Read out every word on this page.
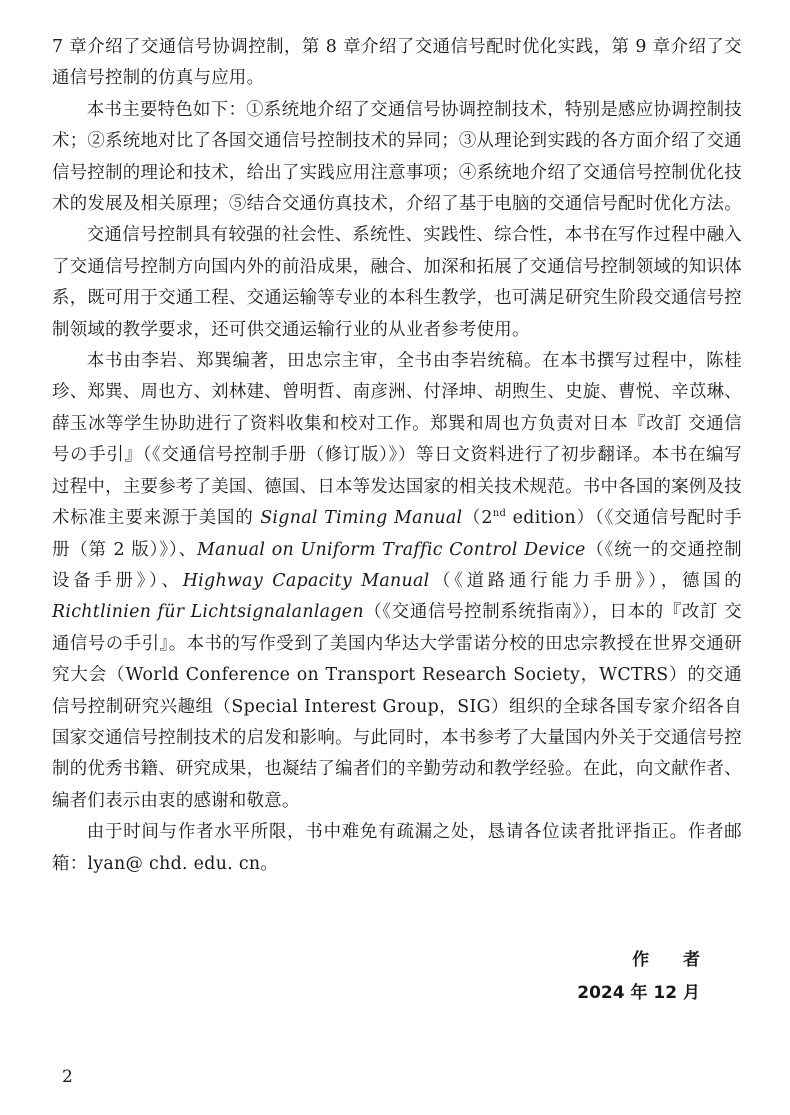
7 章介绍了交通信号协调控制，第 8 章介绍了交通信号配时优化实践，第 9 章介绍了交通信号控制的仿真与应用。

本书主要特色如下：①系统地介绍了交通信号协调控制技术，特别是感应协调控制技术；②系统地对比了各国交通信号控制技术的异同；③从理论到实践的各方面介绍了交通信号控制的理论和技术，给出了实践应用注意事项；④系统地介绍了交通信号控制优化技术的发展及相关原理；⑤结合交通仿真技术，介绍了基于电脑的交通信号配时优化方法。

交通信号控制具有较强的社会性、系统性、实践性、综合性，本书在写作过程中融入了交通信号控制方向国内外的前沿成果，融合、加深和拓展了交通信号控制领域的知识体系，既可用于交通工程、交通运输等专业的本科生教学，也可满足研究生阶段交通信号控制领域的教学要求，还可供交通运输行业的从业者参考使用。

本书由李岩、郑巽编著，田忠宗主审，全书由李岩统稿。在本书撰写过程中，陈桂珍、郑巽、周也方、刘林建、曾明哲、南彦洲、付泽坤、胡煦生、史旋、曹悦、辛苡琳、薛玉冰等学生协助进行了资料收集和校对工作。郑巽和周也方负责对日本『改訂 交通信号の手引』（《交通信号控制手册（修订版）》）等日文资料进行了初步翻译。本书在编写过程中，主要参考了美国、德国、日本等发达国家的相关技术规范。书中各国的案例及技术标准主要来源于美国的 Signal Timing Manual（2nd edition）（《交通信号配时手册（第 2 版）》）、Manual on Uniform Traffic Control Device（《统一的交通控制设备手册》）、Highway Capacity Manual（《道路通行能力手册》），德国的 Richtlinien für Lichtsignalanlagen（《交通信号控制系统指南》），日本的『改訂 交通信号の手引』。本书的写作受到了美国内华达大学雷诺分校的田忠宗教授在世界交通研究大会（World Conference on Transport Research Society，WCTRS）的交通信号控制研究兴趣组（Special Interest Group，SIG）组织的全球各国专家介绍各自国家交通信号控制技术的启发和影响。与此同时，本书参考了大量国内外关于交通信号控制的优秀书籍、研究成果，也凝结了编者们的辛勤劳动和教学经验。在此，向文献作者、编者们表示由衷的感谢和敬意。

由于时间与作者水平所限，书中难免有疏漏之处，恳请各位读者批评指正。作者邮箱：lyan@ chd. edu. cn。

作 者
2024 年 12 月
2
